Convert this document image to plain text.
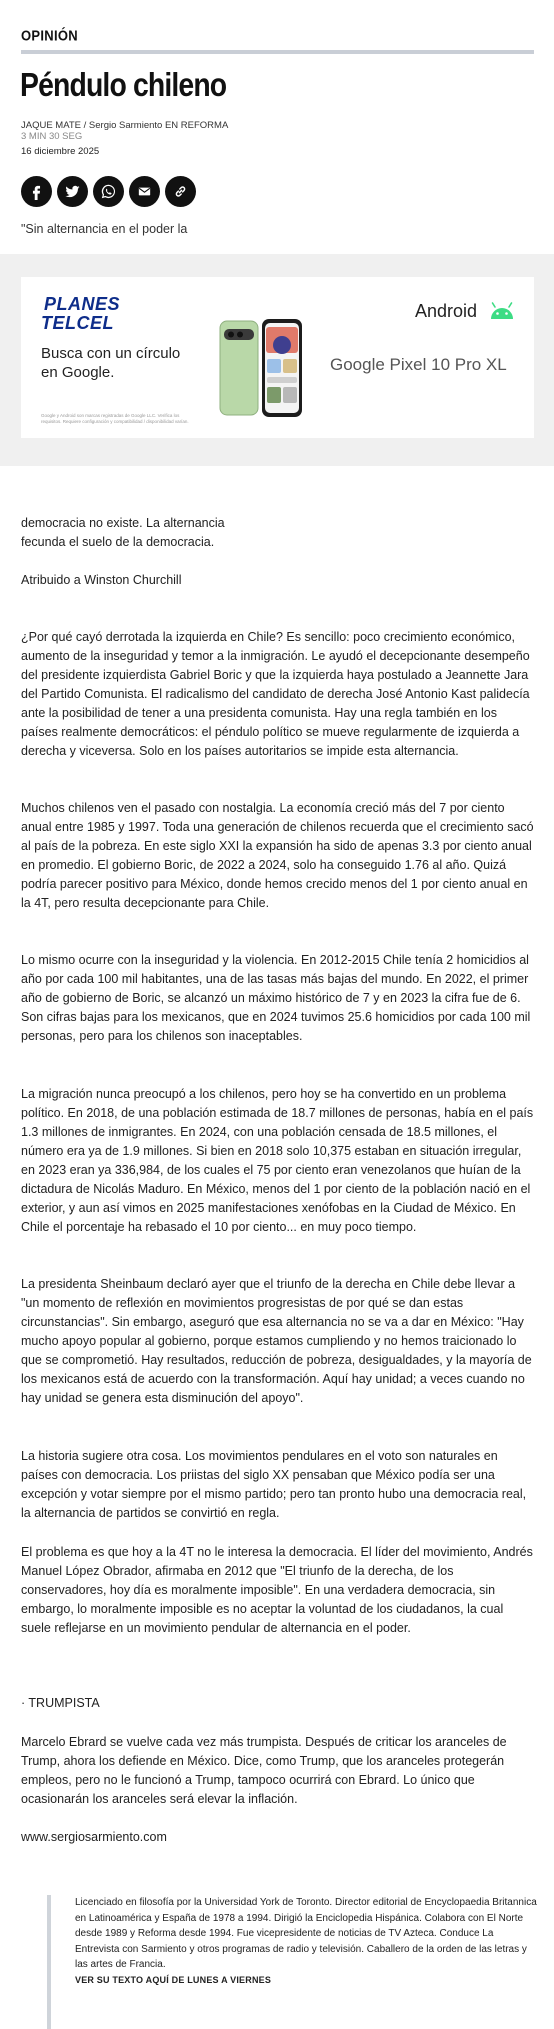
OPINIÓN
Péndulo chileno
JAQUE MATE / Sergio Sarmiento EN REFORMA
3 MIN 30 SEG
16 diciembre 2025
"Sin alternancia en el poder la
PLANES
TELCEL
Busca con un círculo en Google.
Google y Android son marcas registradas de Google LLC. Verifica los requisitos. Requiere configuración y compatibilidad / disponibilidad varían.
Android
Google Pixel 10 Pro XL
democracia no existe. La alternancia
fecunda el suelo de la democracia.
Atribuido a Winston Churchill

¿Por qué cayó derrotada la izquierda en Chile? Es sencillo: poco crecimiento económico, aumento de la inseguridad y temor a la inmigración. Le ayudó el decepcionante desempeño del presidente izquierdista Gabriel Boric y que la izquierda haya postulado a Jeannette Jara del Partido Comunista. El radicalismo del candidato de derecha José Antonio Kast palidecía ante la posibilidad de tener a una presidenta comunista. Hay una regla también en los países realmente democráticos: el péndulo político se mueve regularmente de izquierda a derecha y viceversa. Solo en los países autoritarios se impide esta alternancia.

Muchos chilenos ven el pasado con nostalgia. La economía creció más del 7 por ciento anual entre 1985 y 1997. Toda una generación de chilenos recuerda que el crecimiento sacó al país de la pobreza. En este siglo XXI la expansión ha sido de apenas 3.3 por ciento anual en promedio. El gobierno Boric, de 2022 a 2024, solo ha conseguido 1.76 al año. Quizá podría parecer positivo para México, donde hemos crecido menos del 1 por ciento anual en la 4T, pero resulta decepcionante para Chile.

Lo mismo ocurre con la inseguridad y la violencia. En 2012-2015 Chile tenía 2 homicidios al año por cada 100 mil habitantes, una de las tasas más bajas del mundo. En 2022, el primer año de gobierno de Boric, se alcanzó un máximo histórico de 7 y en 2023 la cifra fue de 6. Son cifras bajas para los mexicanos, que en 2024 tuvimos 25.6 homicidios por cada 100 mil personas, pero para los chilenos son inaceptables.

La migración nunca preocupó a los chilenos, pero hoy se ha convertido en un problema político. En 2018, de una población estimada de 18.7 millones de personas, había en el país 1.3 millones de inmigrantes. En 2024, con una población censada de 18.5 millones, el número era ya de 1.9 millones. Si bien en 2018 solo 10,375 estaban en situación irregular, en 2023 eran ya 336,984, de los cuales el 75 por ciento eran venezolanos que huían de la dictadura de Nicolás Maduro. En México, menos del 1 por ciento de la población nació en el exterior, y aun así vimos en 2025 manifestaciones xenófobas en la Ciudad de México. En Chile el porcentaje ha rebasado el 10 por ciento... en muy poco tiempo.

La presidenta Sheinbaum declaró ayer que el triunfo de la derecha en Chile debe llevar a "un momento de reflexión en movimientos progresistas de por qué se dan estas circunstancias". Sin embargo, aseguró que esa alternancia no se va a dar en México: "Hay mucho apoyo popular al gobierno, porque estamos cumpliendo y no hemos traicionado lo que se comprometió. Hay resultados, reducción de pobreza, desigualdades, y la mayoría de los mexicanos está de acuerdo con la transformación. Aquí hay unidad; a veces cuando no hay unidad se genera esta disminución del apoyo".

La historia sugiere otra cosa. Los movimientos pendulares en el voto son naturales en países con democracia. Los priistas del siglo XX pensaban que México podía ser una excepción y votar siempre por el mismo partido; pero tan pronto hubo una democracia real, la alternancia de partidos se convirtió en regla.

El problema es que hoy a la 4T no le interesa la democracia. El líder del movimiento, Andrés Manuel López Obrador, afirmaba en 2012 que "El triunfo de la derecha, de los conservadores, hoy día es moralmente imposible". En una verdadera democracia, sin embargo, lo moralmente imposible es no aceptar la voluntad de los ciudadanos, la cual suele reflejarse en un movimiento pendular de alternancia en el poder.

· TRUMPISTA

Marcelo Ebrard se vuelve cada vez más trumpista. Después de criticar los aranceles de Trump, ahora los defiende en México. Dice, como Trump, que los aranceles protegerán empleos, pero no le funcionó a Trump, tampoco ocurrirá con Ebrard. Lo único que ocasionarán los aranceles será elevar la inflación.

www.sergiosarmiento.com
Licenciado en filosofía por la Universidad York de Toronto. Director editorial de Encyclopaedia Britannica en Latinoamérica y España de 1978 a 1994. Dirigió la Enciclopedia Hispánica. Colabora con El Norte desde 1989 y Reforma desde 1994. Fue vicepresidente de noticias de TV Azteca. Conduce La Entrevista con Sarmiento y otros programas de radio y televisión. Caballero de la orden de las letras y las artes de Francia.
VER SU TEXTO AQUÍ DE LUNES A VIERNES
